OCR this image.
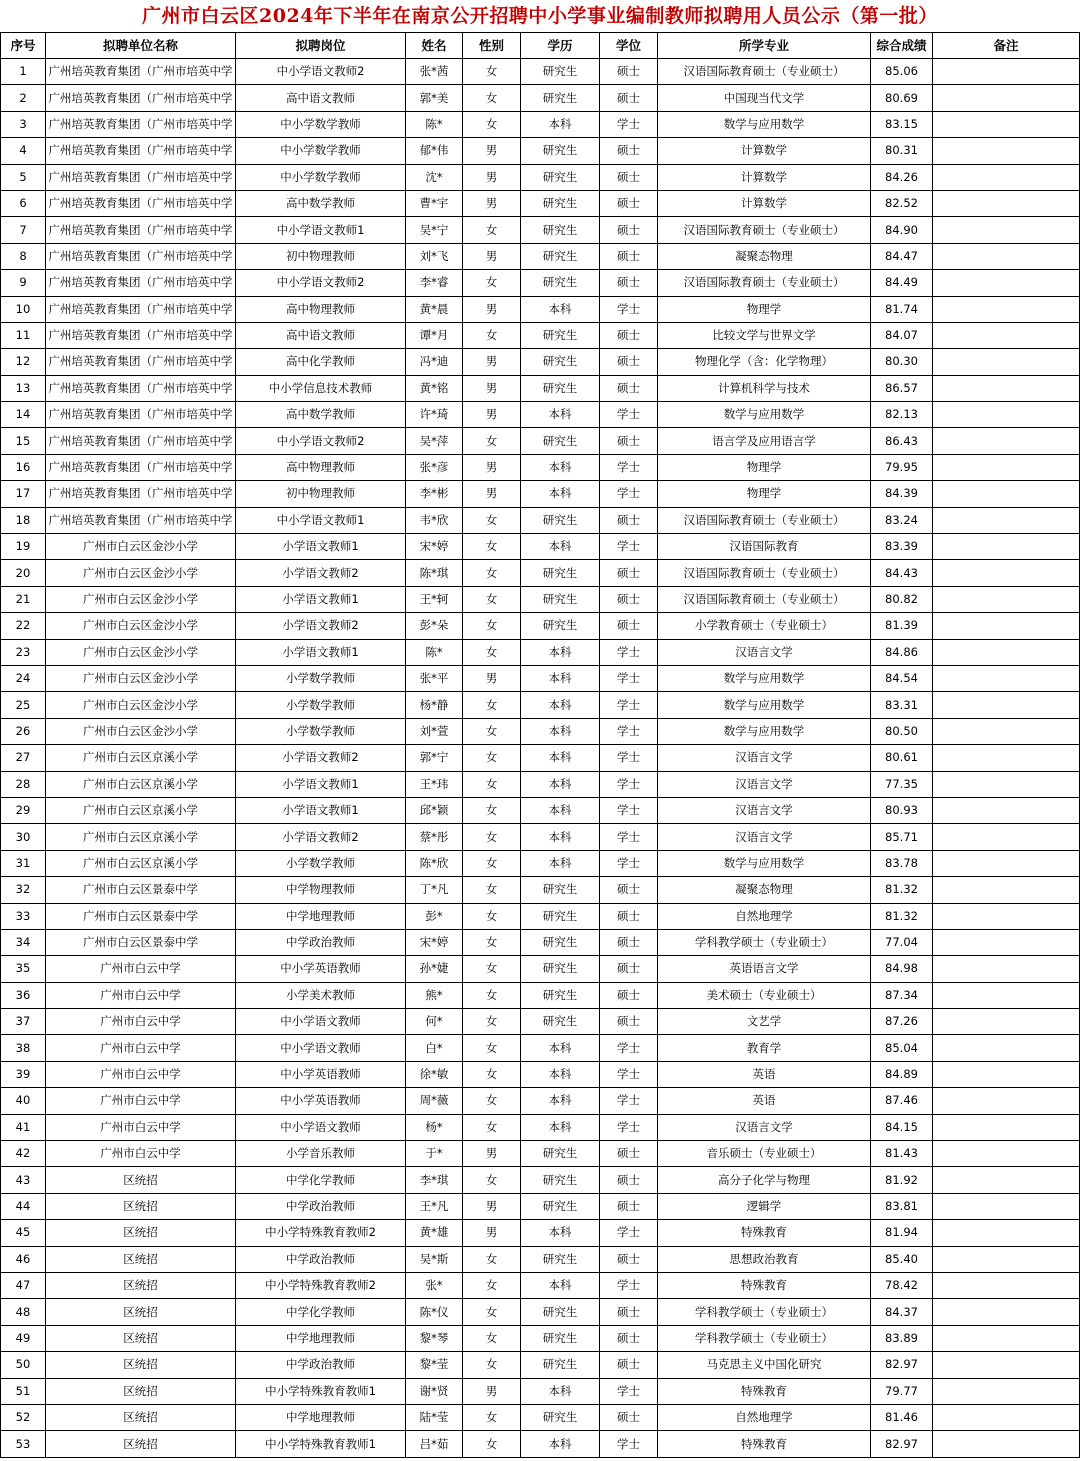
广州市白云区2024年下半年在南京公开招聘中小学事业编制教师拟聘用人员公示（第一批）
序号	拟聘单位名称	拟聘岗位	姓名	性别	学历	学位	所学专业	综合成绩	备注
1	广州培英教育集团（广州市培英中学	中小学语文教师2	张*茜	女	研究生	硕士	汉语国际教育硕士（专业硕士）	85.06	
2	广州培英教育集团（广州市培英中学	高中语文教师	郭*美	女	研究生	硕士	中国现当代文学	80.69	
3	广州培英教育集团（广州市培英中学	中小学数学教师	陈*	女	本科	学士	数学与应用数学	83.15	
4	广州培英教育集团（广州市培英中学	中小学数学教师	郁*伟	男	研究生	硕士	计算数学	80.31	
5	广州培英教育集团（广州市培英中学	中小学数学教师	沈*	男	研究生	硕士	计算数学	84.26	
6	广州培英教育集团（广州市培英中学	高中数学教师	曹*宇	男	研究生	硕士	计算数学	82.52	
7	广州培英教育集团（广州市培英中学	中小学语文教师1	吴*宁	女	研究生	硕士	汉语国际教育硕士（专业硕士）	84.90	
8	广州培英教育集团（广州市培英中学	初中物理教师	刘*飞	男	研究生	硕士	凝聚态物理	84.47	
9	广州培英教育集团（广州市培英中学	中小学语文教师2	李*睿	女	研究生	硕士	汉语国际教育硕士（专业硕士）	84.49	
10	广州培英教育集团（广州市培英中学	高中物理教师	黄*晨	男	本科	学士	物理学	81.74	
11	广州培英教育集团（广州市培英中学	高中语文教师	谭*月	女	研究生	硕士	比较文学与世界文学	84.07	
12	广州培英教育集团（广州市培英中学	高中化学教师	冯*迪	男	研究生	硕士	物理化学（含：化学物理）	80.30	
13	广州培英教育集团（广州市培英中学	中小学信息技术教师	黄*铭	男	研究生	硕士	计算机科学与技术	86.57	
14	广州培英教育集团（广州市培英中学	高中数学教师	许*琦	男	本科	学士	数学与应用数学	82.13	
15	广州培英教育集团（广州市培英中学	中小学语文教师2	吴*萍	女	研究生	硕士	语言学及应用语言学	86.43	
16	广州培英教育集团（广州市培英中学	高中物理教师	张*彦	男	本科	学士	物理学	79.95	
17	广州培英教育集团（广州市培英中学	初中物理教师	李*彬	男	本科	学士	物理学	84.39	
18	广州培英教育集团（广州市培英中学	中小学语文教师1	韦*欣	女	研究生	硕士	汉语国际教育硕士（专业硕士）	83.24	
19	广州市白云区金沙小学	小学语文教师1	宋*婷	女	本科	学士	汉语国际教育	83.39	
20	广州市白云区金沙小学	小学语文教师2	陈*琪	女	研究生	硕士	汉语国际教育硕士（专业硕士）	84.43	
21	广州市白云区金沙小学	小学语文教师1	王*轲	女	研究生	硕士	汉语国际教育硕士（专业硕士）	80.82	
22	广州市白云区金沙小学	小学语文教师2	彭*朵	女	研究生	硕士	小学教育硕士（专业硕士）	81.39	
23	广州市白云区金沙小学	小学语文教师1	陈*	女	本科	学士	汉语言文学	84.86	
24	广州市白云区金沙小学	小学数学教师	张*平	男	本科	学士	数学与应用数学	84.54	
25	广州市白云区金沙小学	小学数学教师	杨*静	女	本科	学士	数学与应用数学	83.31	
26	广州市白云区金沙小学	小学数学教师	刘*萱	女	本科	学士	数学与应用数学	80.50	
27	广州市白云区京溪小学	小学语文教师2	郭*宁	女	本科	学士	汉语言文学	80.61	
28	广州市白云区京溪小学	小学语文教师1	王*玮	女	本科	学士	汉语言文学	77.35	
29	广州市白云区京溪小学	小学语文教师1	邱*颖	女	本科	学士	汉语言文学	80.93	
30	广州市白云区京溪小学	小学语文教师2	蔡*彤	女	本科	学士	汉语言文学	85.71	
31	广州市白云区京溪小学	小学数学教师	陈*欣	女	本科	学士	数学与应用数学	83.78	
32	广州市白云区景泰中学	中学物理教师	丁*凡	女	研究生	硕士	凝聚态物理	81.32	
33	广州市白云区景泰中学	中学地理教师	彭*	女	研究生	硕士	自然地理学	81.32	
34	广州市白云区景泰中学	中学政治教师	宋*婷	女	研究生	硕士	学科教学硕士（专业硕士）	77.04	
35	广州市白云中学	中小学英语教师	孙*婕	女	研究生	硕士	英语语言文学	84.98	
36	广州市白云中学	小学美术教师	熊*	女	研究生	硕士	美术硕士（专业硕士）	87.34	
37	广州市白云中学	中小学语文教师	何*	女	研究生	硕士	文艺学	87.26	
38	广州市白云中学	中小学语文教师	白*	女	本科	学士	教育学	85.04	
39	广州市白云中学	中小学英语教师	徐*敏	女	本科	学士	英语	84.89	
40	广州市白云中学	中小学英语教师	周*薇	女	本科	学士	英语	87.46	
41	广州市白云中学	中小学语文教师	杨*	女	本科	学士	汉语言文学	84.15	
42	广州市白云中学	小学音乐教师	于*	男	研究生	硕士	音乐硕士（专业硕士）	81.43	
43	区统招	中学化学教师	李*琪	女	研究生	硕士	高分子化学与物理	81.92	
44	区统招	中学政治教师	王*凡	男	研究生	硕士	逻辑学	83.81	
45	区统招	中小学特殊教育教师2	黄*雄	男	本科	学士	特殊教育	81.94	
46	区统招	中学政治教师	吴*斯	女	研究生	硕士	思想政治教育	85.40	
47	区统招	中小学特殊教育教师2	张*	女	本科	学士	特殊教育	78.42	
48	区统招	中学化学教师	陈*仪	女	研究生	硕士	学科教学硕士（专业硕士）	84.37	
49	区统招	中学地理教师	黎*琴	女	研究生	硕士	学科教学硕士（专业硕士）	83.89	
50	区统招	中学政治教师	黎*莹	女	研究生	硕士	马克思主义中国化研究	82.97	
51	区统招	中小学特殊教育教师1	谢*贤	男	本科	学士	特殊教育	79.77	
52	区统招	中学地理教师	陆*莹	女	研究生	硕士	自然地理学	81.46	
53	区统招	中小学特殊教育教师1	吕*茹	女	本科	学士	特殊教育	82.97	
